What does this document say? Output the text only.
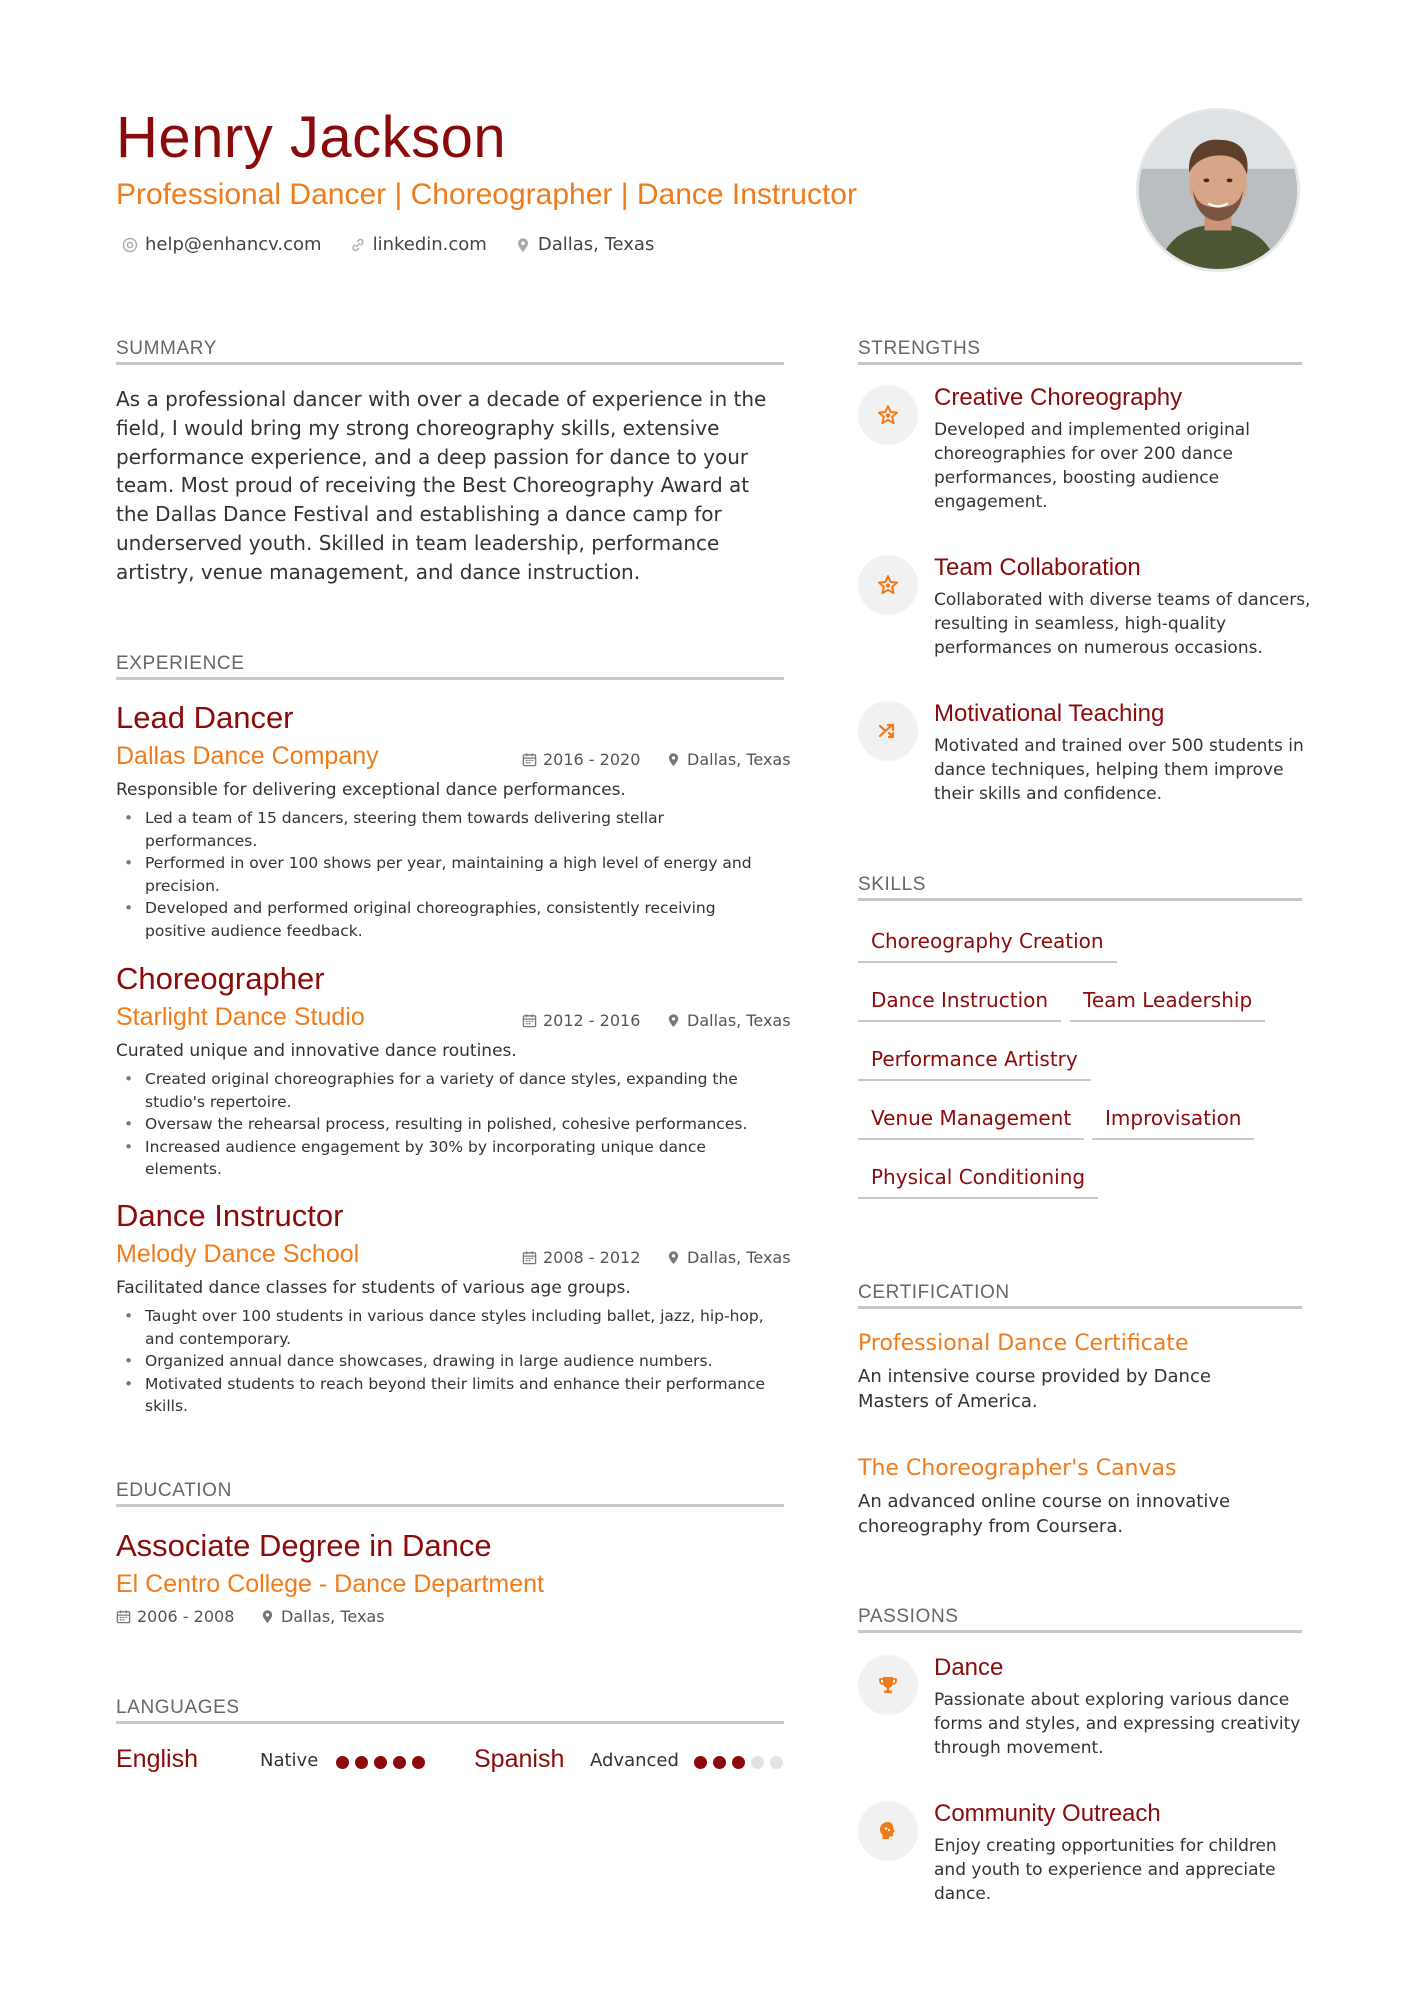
Henry Jackson
Professional Dancer | Choreographer | Dance Instructor
help@enhancv.com	linkedin.com	Dallas, Texas
SUMMARY
As a professional dancer with over a decade of experience in the field, I would bring my strong choreography skills, extensive performance experience, and a deep passion for dance to your team. Most proud of receiving the Best Choreography Award at the Dallas Dance Festival and establishing a dance camp for underserved youth. Skilled in team leadership, performance artistry, venue management, and dance instruction.
EXPERIENCE
Lead Dancer
Dallas Dance Company	2016 - 2020	Dallas, Texas
Responsible for delivering exceptional dance performances.
• Led a team of 15 dancers, steering them towards delivering stellar performances.
• Performed in over 100 shows per year, maintaining a high level of energy and precision.
• Developed and performed original choreographies, consistently receiving positive audience feedback.
Choreographer
Starlight Dance Studio	2012 - 2016	Dallas, Texas
Curated unique and innovative dance routines.
• Created original choreographies for a variety of dance styles, expanding the studio's repertoire.
• Oversaw the rehearsal process, resulting in polished, cohesive performances.
• Increased audience engagement by 30% by incorporating unique dance elements.
Dance Instructor
Melody Dance School	2008 - 2012	Dallas, Texas
Facilitated dance classes for students of various age groups.
• Taught over 100 students in various dance styles including ballet, jazz, hip-hop, and contemporary.
• Organized annual dance showcases, drawing in large audience numbers.
• Motivated students to reach beyond their limits and enhance their performance skills.
EDUCATION
Associate Degree in Dance
El Centro College - Dance Department
2006 - 2008	Dallas, Texas
LANGUAGES
English	Native	Spanish Advanced
STRENGTHS
Creative Choreography
Developed and implemented original choreographies for over 200 dance performances, boosting audience engagement.
Team Collaboration
Collaborated with diverse teams of dancers, resulting in seamless, high-quality performances on numerous occasions.
Motivational Teaching
Motivated and trained over 500 students in dance techniques, helping them improve their skills and confidence.
SKILLS
Choreography Creation
Dance Instruction	Team Leadership
Performance Artistry
Venue Management	Improvisation
Physical Conditioning
CERTIFICATION
Professional Dance Certificate
An intensive course provided by Dance Masters of America.
The Choreographer's Canvas
An advanced online course on innovative choreography from Coursera.
PASSIONS
Dance
Passionate about exploring various dance forms and styles, and expressing creativity through movement.
Community Outreach
Enjoy creating opportunities for children and youth to experience and appreciate dance.
